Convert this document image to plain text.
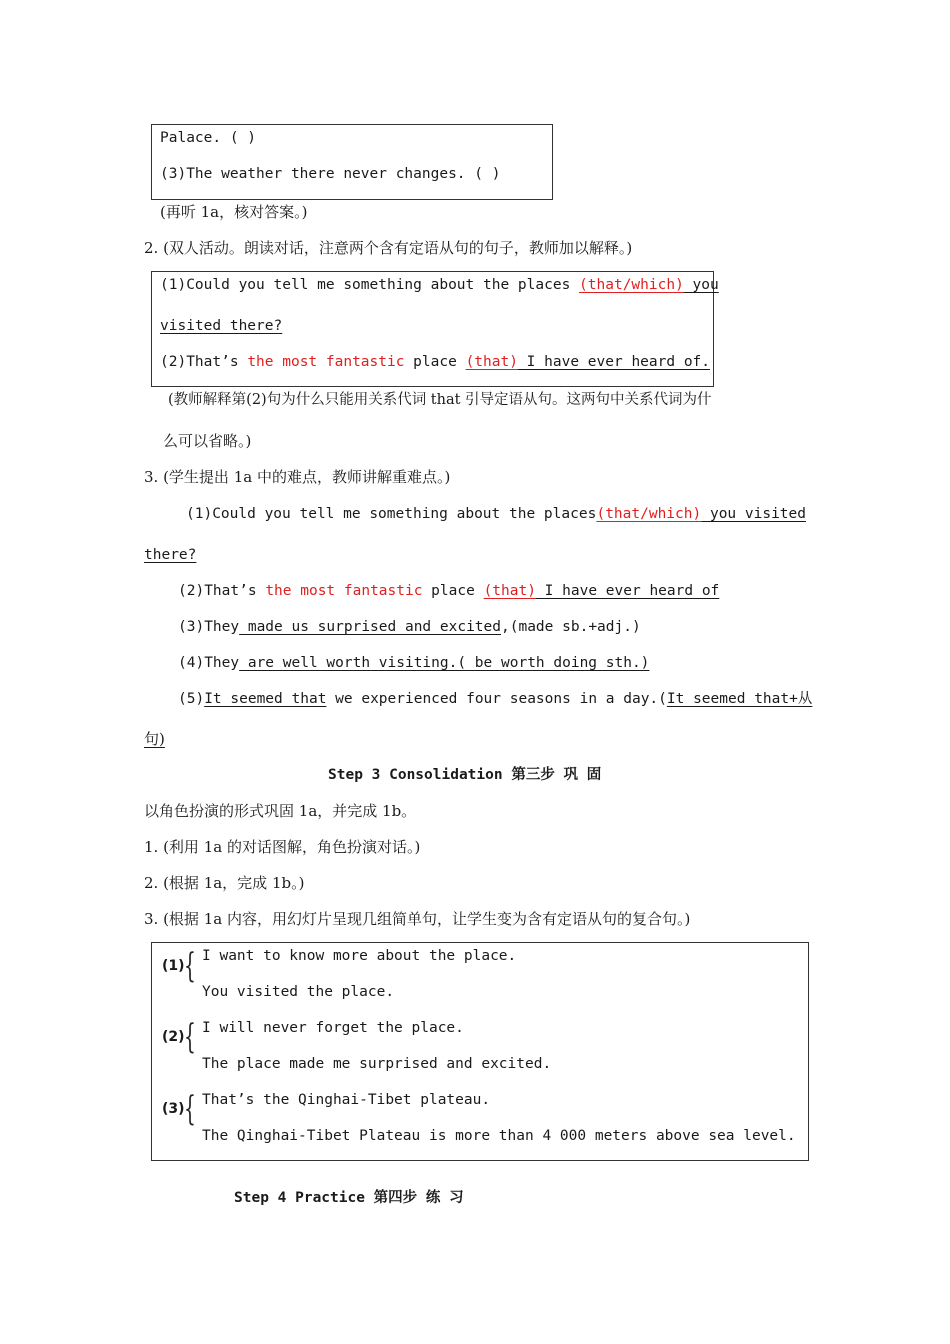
Palace. ( )
(3)The weather there never changes. ( )
(再听 1a，核对答案。)
2. (双人活动。朗读对话，注意两个含有定语从句的句子，教师加以解释。)
(1)Could you tell me something about the places (that/which) you
visited there?
(2)That’s the most fantastic place (that) I have ever heard of.
(教师解释第(2)句为什么只能用关系代词 that 引导定语从句。这两句中关系代词为什
么可以省略。)
3. (学生提出 1a 中的难点，教师讲解重难点。)
(1)Could you tell me something about the places (that/which) you visited
there?
(2)That’s the most fantastic place (that) I have ever heard of
(3)They made us surprised and excited,(made sb.+adj.)
(4)They are well worth visiting.( be worth doing sth.)
(5)It seemed that we experienced four seasons in a day.( It seemed that+从
句)
Step 3 Consolidation 第三步 巩 固
以角色扮演的形式巩固 1a，并完成 1b。
1. (利用 1a 的对话图解，角色扮演对话。)
2. (根据 1a，完成 1b。)
3. (根据 1a 内容，用幻灯片呈现几组简单句，让学生变为含有定语从句的复合句。)
(1) { I want to know more about the place.
You visited the place.
(2) { I will never forget the place.
The place made me surprised and excited.
(3) { That’s the Qinghai-Tibet plateau.
The Qinghai-Tibet Plateau is more than 4 000 meters above sea level.
Step 4 Practice 第四步 练 习
